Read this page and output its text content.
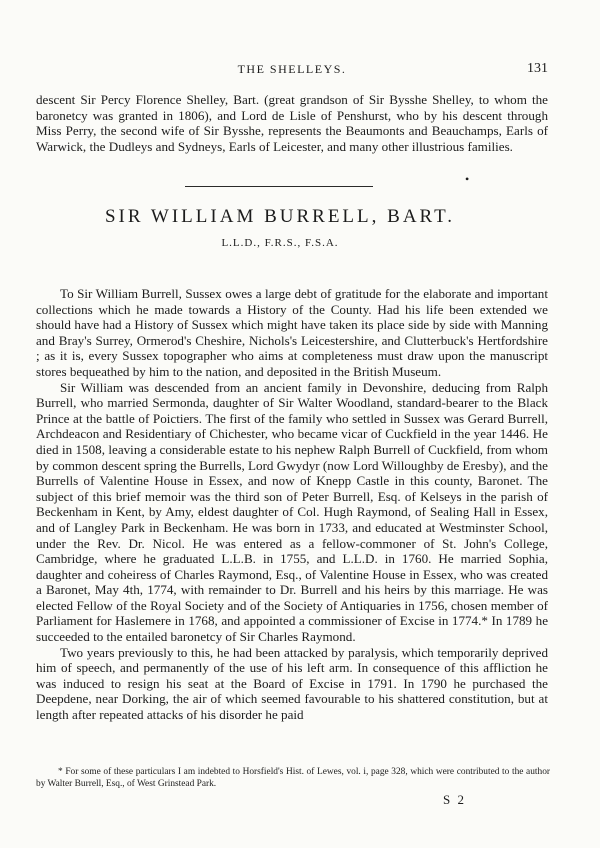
THE SHELLEYS.	131

descent Sir Percy Florence Shelley, Bart. (great grandson of Sir Bysshe Shelley, to whom the baronetcy was granted in 1806), and Lord de Lisle of Penshurst, who by his descent through Miss Perry, the second wife of Sir Bysshe, represents the Beaumonts and Beauchamps, Earls of Warwick, the Dudleys and Sydneys, Earls of Leicester, and many other illustrious families.

•
SIR WILLIAM BURRELL, BART.
L.L.D., F.R.S., F.S.A.

To Sir William Burrell, Sussex owes a large debt of gratitude for the elaborate and important collections which he made towards a History of the County. Had his life been extended we should have had a History of Sussex which might have taken its place side by side with Manning and Bray's Surrey, Ormerod's Cheshire, Nichols's Leicestershire, and Clutterbuck's Hertfordshire ; as it is, every Sussex topographer who aims at completeness must draw upon the manuscript stores bequeathed by him to the nation, and deposited in the British Museum.

Sir William was descended from an ancient family in Devonshire, deducing from Ralph Burrell, who married Sermonda, daughter of Sir Walter Woodland, standard-bearer to the Black Prince at the battle of Poictiers. The first of the family who settled in Sussex was Gerard Burrell, Archdeacon and Residentiary of Chichester, who became vicar of Cuckfield in the year 1446. He died in 1508, leaving a considerable estate to his nephew Ralph Burrell of Cuckfield, from whom by common descent spring the Burrells, Lord Gwydyr (now Lord Willoughby de Eresby), and the Burrells of Valentine House in Essex, and now of Knepp Castle in this county, Baronet. The subject of this brief memoir was the third son of Peter Burrell, Esq. of Kelseys in the parish of Beckenham in Kent, by Amy, eldest daughter of Col. Hugh Raymond, of Sealing Hall in Essex, and of Langley Park in Beckenham. He was born in 1733, and educated at Westminster School, under the Rev. Dr. Nicol. He was entered as a fellow-commoner of St. John's College, Cambridge, where he graduated L.L.B. in 1755, and L.L.D. in 1760. He married Sophia, daughter and coheiress of Charles Raymond, Esq., of Valentine House in Essex, who was created a Baronet, May 4th, 1774, with remainder to Dr. Burrell and his heirs by this marriage. He was elected Fellow of the Royal Society and of the Society of Antiquaries in 1756, chosen member of Parliament for Haslemere in 1768, and appointed a commissioner of Excise in 1774.* In 1789 he succeeded to the entailed baronetcy of Sir Charles Raymond.

Two years previously to this, he had been attacked by paralysis, which temporarily deprived him of speech, and permanently of the use of his left arm. In consequence of this affliction he was induced to resign his seat at the Board of Excise in 1791. In 1790 he purchased the Deepdene, near Dorking, the air of which seemed favourable to his shattered constitution, but at length after repeated attacks of his disorder he paid

* For some of these particulars I am indebted to Horsfield's Hist. of Lewes, vol. i, page 328, which were contributed to the author by Walter Burrell, Esq., of West Grinstead Park.
S 2
